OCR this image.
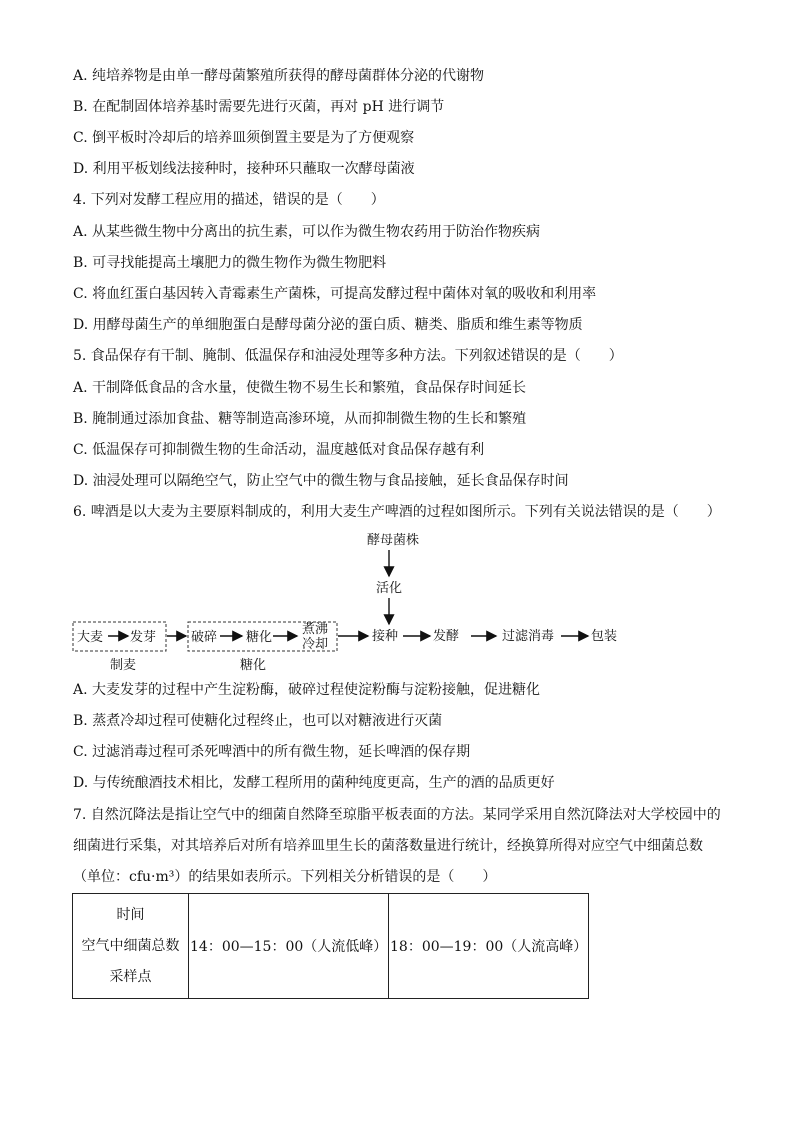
A. 纯培养物是由单一酵母菌繁殖所获得的酵母菌群体分泌的代谢物
B. 在配制固体培养基时需要先进行灭菌，再对 pH 进行调节
C. 倒平板时冷却后的培养皿须倒置主要是为了方便观察
D. 利用平板划线法接种时，接种环只蘸取一次酵母菌液
4. 下列对发酵工程应用的描述，错误的是（　　）
A. 从某些微生物中分离出的抗生素，可以作为微生物农药用于防治作物疾病
B. 可寻找能提高土壤肥力的微生物作为微生物肥料
C. 将血红蛋白基因转入青霉素生产菌株，可提高发酵过程中菌体对氧的吸收和利用率
D. 用酵母菌生产的单细胞蛋白是酵母菌分泌的蛋白质、糖类、脂质和维生素等物质
5. 食品保存有干制、腌制、低温保存和油浸处理等多种方法。下列叙述错误的是（　　）
A. 干制降低食品的含水量，使微生物不易生长和繁殖，食品保存时间延长
B. 腌制通过添加食盐、糖等制造高渗环境，从而抑制微生物的生长和繁殖
C. 低温保存可抑制微生物的生命活动，温度越低对食品保存越有利
D. 油浸处理可以隔绝空气，防止空气中的微生物与食品接触，延长食品保存时间
6. 啤酒是以大麦为主要原料制成的，利用大麦生产啤酒的过程如图所示。下列有关说法错误的是（　　）
酵母菌株
活化
大麦 发芽
制麦
破碎 糖化
煮沸
冷却
糖化
接种	发酵	过滤消毒	包装
A. 大麦发芽的过程中产生淀粉酶，破碎过程使淀粉酶与淀粉接触，促进糖化
B. 蒸煮冷却过程可使糖化过程终止，也可以对糖液进行灭菌
C. 过滤消毒过程可杀死啤酒中的所有微生物，延长啤酒的保存期
D. 与传统酿酒技术相比，发酵工程所用的菌种纯度更高，生产的酒的品质更好
7. 自然沉降法是指让空气中的细菌自然降至琼脂平板表面的方法。某同学采用自然沉降法对大学校园中的
细菌进行采集，对其培养后对所有培养皿里生长的菌落数量进行统计，经换算所得对应空气中细菌总数
（单位：cfu·m³）的结果如表所示。下列相关分析错误的是（　　）
时间
空气中细菌总数
采样点
	14：00—15：00（人流低峰）	18：00—19：00（人流高峰）
